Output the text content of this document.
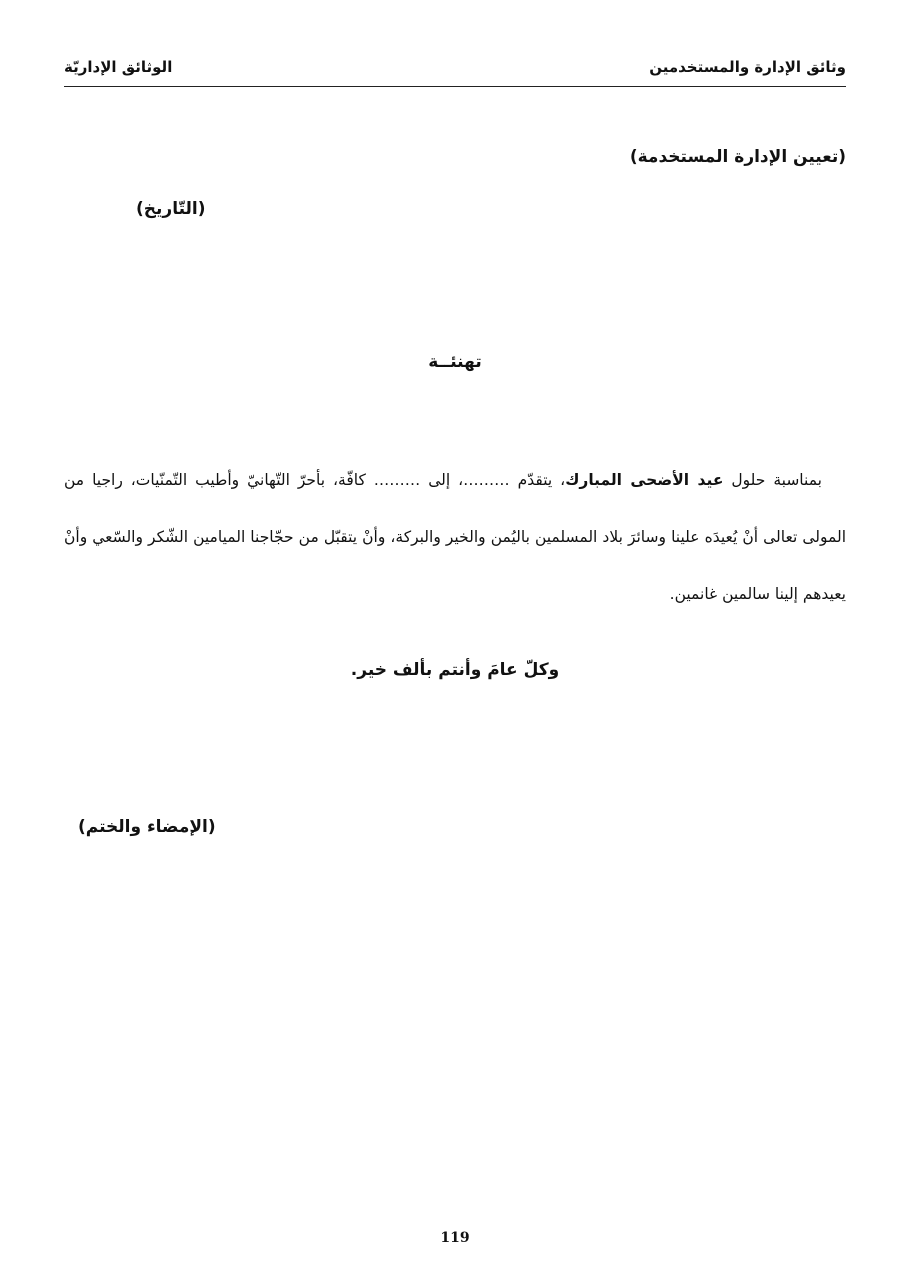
وثائق الإدارة والمستخدمين
الوثائق الإداريّة
(تعيين الإدارة المستخدمة)
(التّاريخ)
تهنئــة

بمناسبة حلول عيد الأضحى المبارك، يتقدّم ………، إلى ……… كافّة، بأحرّ التّهانيّ وأطيب التّمنّيات، راجيا من المولى تعالى أنْ يُعيدَه علينا وسائرَ بلاد المسلمين باليُمن والخير والبركة، وأنْ يتقبّل من حجّاجنا الميامين الشّكر والسّعي وأنْ يعيدهم إلينا سالمين غانمين.

وكلّ عامَ وأنتم بألف خير.
(الإمضاء والختم)
119
